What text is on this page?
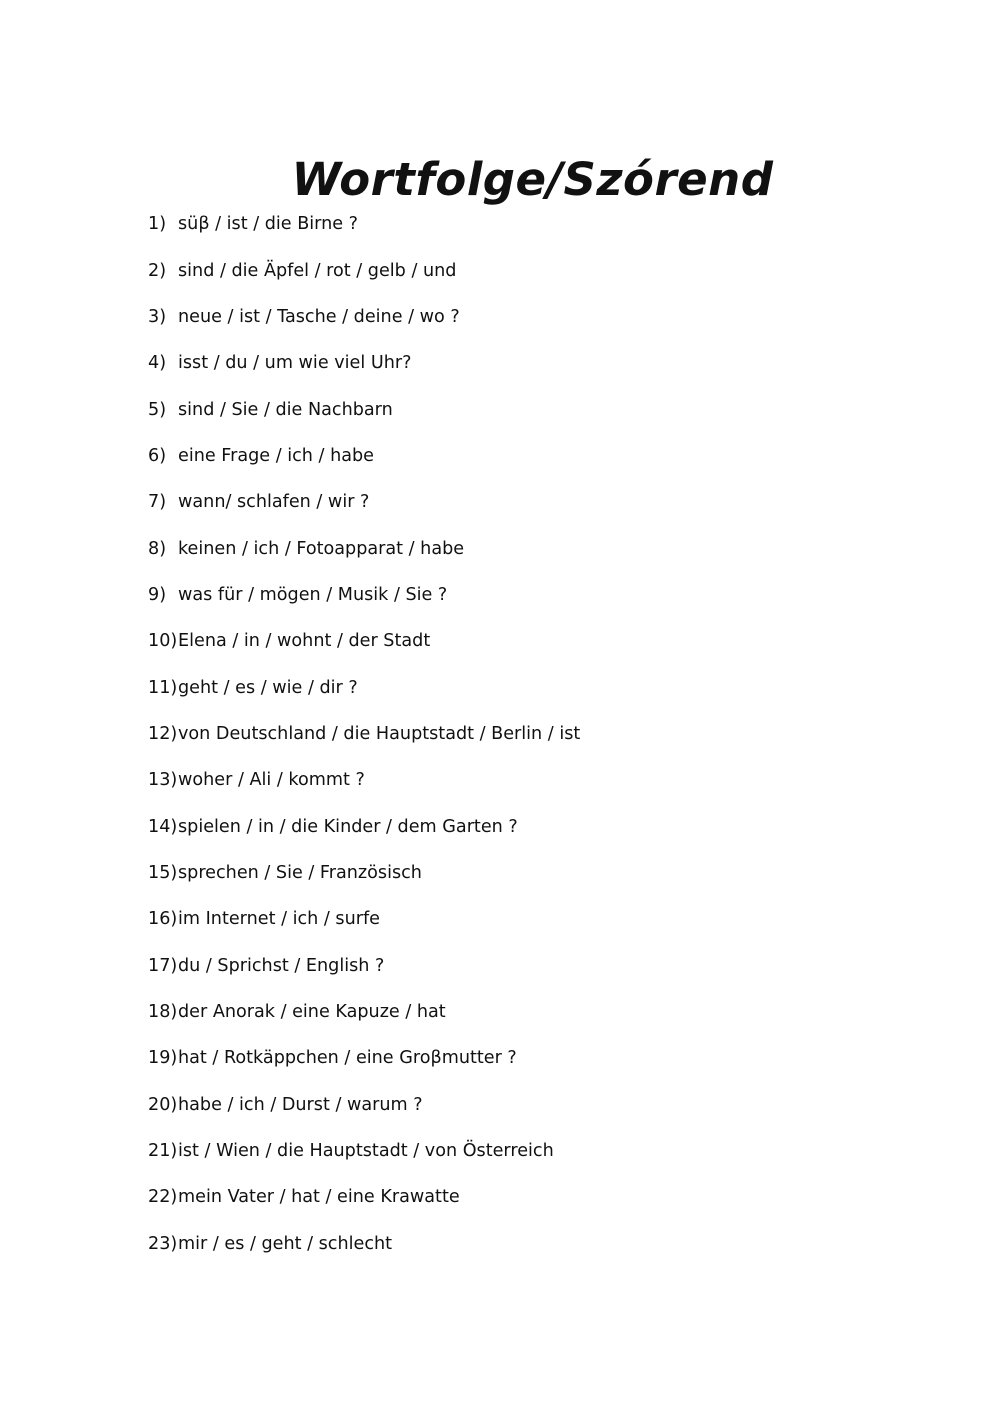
Wortfolge/Szórend
1) süβ / ist / die Birne ?
2) sind / die Äpfel / rot / gelb / und
3) neue / ist / Tasche / deine / wo ?
4) isst / du / um wie viel Uhr?
5) sind / Sie / die Nachbarn
6) eine Frage / ich / habe
7) wann/ schlafen / wir ?
8) keinen / ich / Fotoapparat / habe
9) was für / mögen / Musik / Sie ?
10) Elena / in / wohnt / der Stadt
11) geht / es / wie / dir ?
12) von Deutschland / die Hauptstadt / Berlin / ist
13) woher / Ali / kommt ?
14) spielen / in / die Kinder / dem Garten ?
15) sprechen / Sie / Französisch
16) im Internet / ich / surfe
17) du / Sprichst / English ?
18) der Anorak / eine Kapuze / hat
19) hat / Rotkäppchen / eine Groβmutter ?
20) habe / ich / Durst / warum ?
21) ist / Wien / die Hauptstadt / von Österreich
22) mein Vater / hat / eine Krawatte
23) mir / es / geht / schlecht
